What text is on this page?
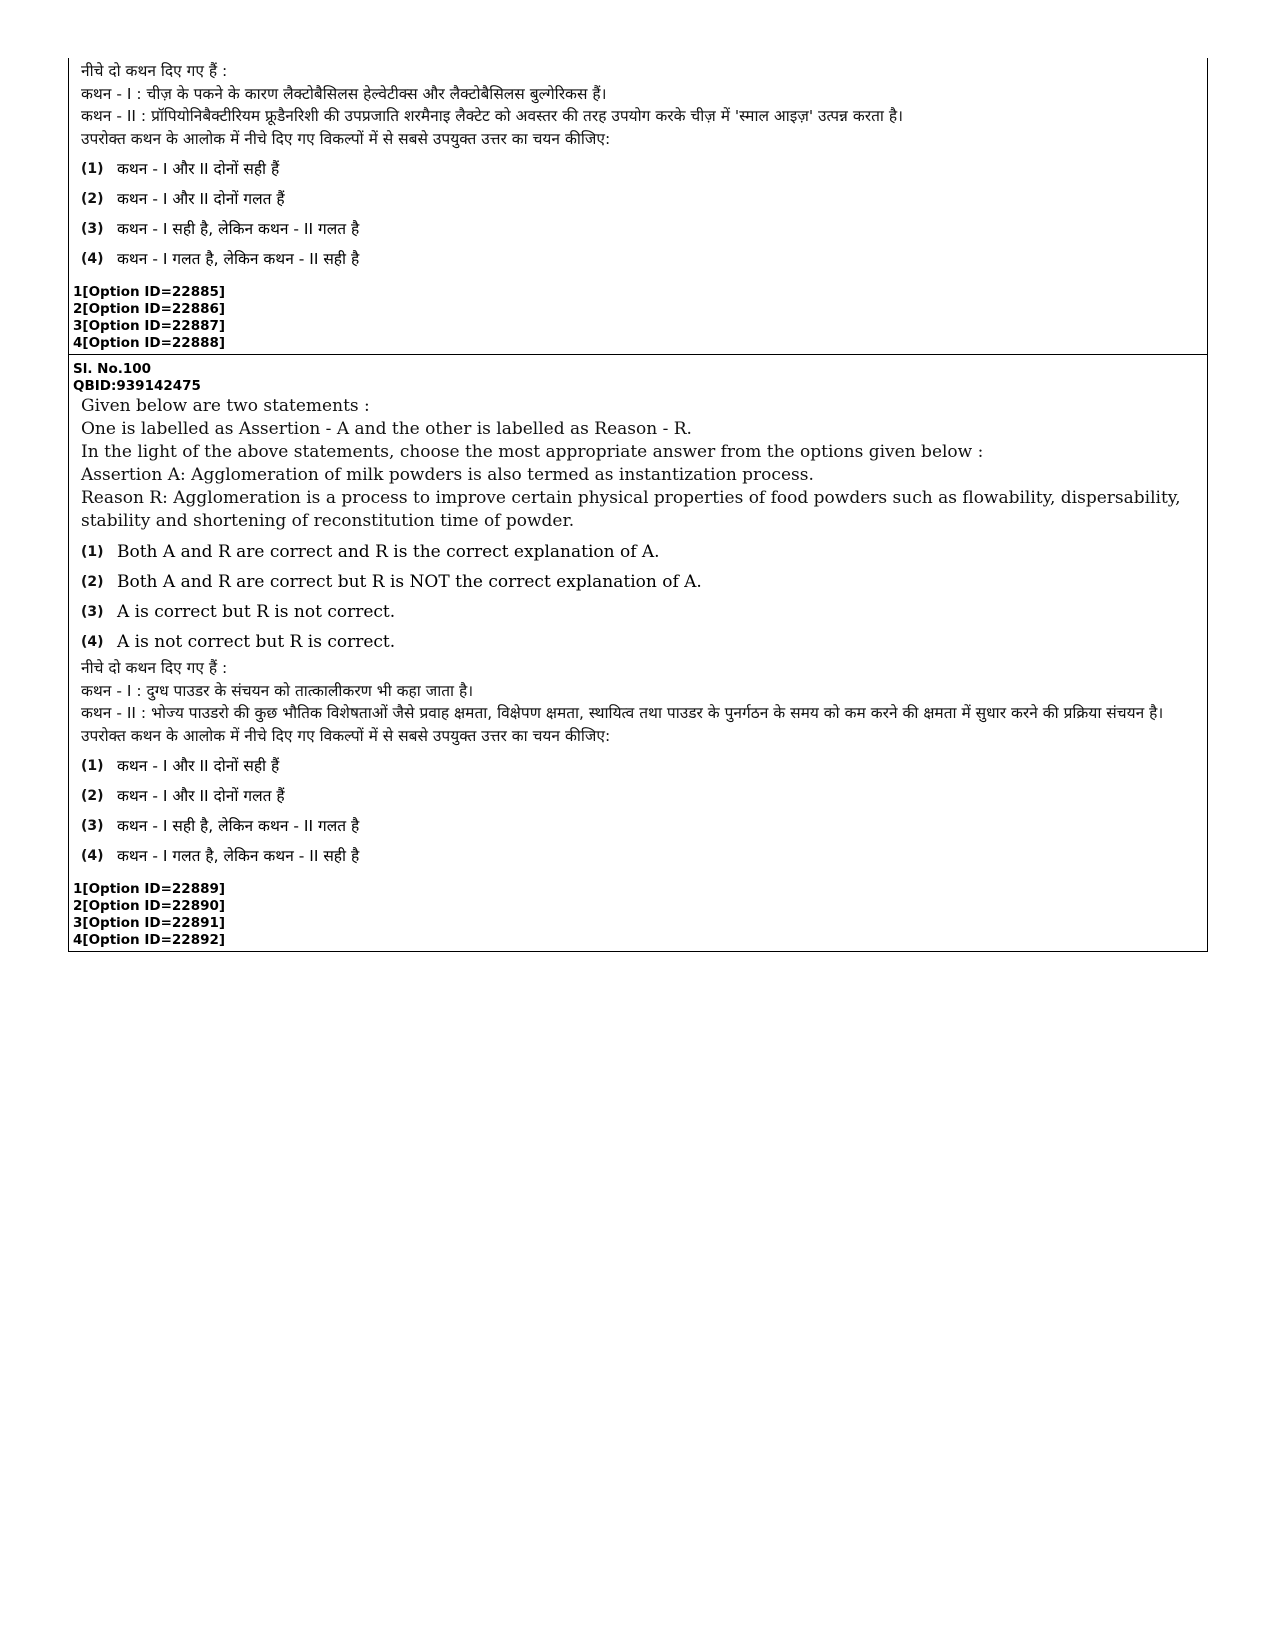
नीचे दो कथन दिए गए हैं :
कथन - I : चीज़ के पकने के कारण लैक्टोबैसिलस हेल्वेटीक्स और लैक्टोबैसिलस बुल्गेरिकस हैं।
कथन - II : प्रॉपियोनिबैक्टीरियम फ्रूडैनरिशी की उपप्रजाति शरमैनाइ लैक्टेट को अवस्तर की तरह उपयोग करके चीज़ में 'स्माल आइज़' उत्पन्न करता है।
उपरोक्त कथन के आलोक में नीचे दिए गए विकल्पों में से सबसे उपयुक्त उत्तर का चयन कीजिए:
(1) कथन - I और II दोनों सही हैं
(2) कथन - I और II दोनों गलत हैं
(3) कथन - I सही है, लेकिन कथन - II गलत है
(4) कथन - I गलत है, लेकिन कथन - II सही है
1[Option ID=22885]
2[Option ID=22886]
3[Option ID=22887]
4[Option ID=22888]
Sl. No.100
QBID:939142475
Given below are two statements :
One is labelled as Assertion - A and the other is labelled as Reason - R.
In the light of the above statements, choose the most appropriate answer from the options given below :
Assertion A: Agglomeration of milk powders is also termed as instantization process.
Reason R: Agglomeration is a process to improve certain physical properties of food powders such as flowability, dispersability, stability and shortening of reconstitution time of powder.
(1) Both A and R are correct and R is the correct explanation of A.
(2) Both A and R are correct but R is NOT the correct explanation of A.
(3) A is correct but R is not correct.
(4) A is not correct but R is correct.
नीचे दो कथन दिए गए हैं :
कथन - I : दुग्ध पाउडर के संचयन को तात्कालीकरण भी कहा जाता है।
कथन - II : भोज्य पाउडरो की कुछ भौतिक विशेषताओं जैसे प्रवाह क्षमता, विक्षेपण क्षमता, स्थायित्व तथा पाउडर के पुनर्गठन के समय को कम करने की क्षमता में सुधार करने की प्रक्रिया संचयन है।
उपरोक्त कथन के आलोक में नीचे दिए गए विकल्पों में से सबसे उपयुक्त उत्तर का चयन कीजिए:
(1) कथन - I और II दोनों सही हैं
(2) कथन - I और II दोनों गलत हैं
(3) कथन - I सही है, लेकिन कथन - II गलत है
(4) कथन - I गलत है, लेकिन कथन - II सही है
1[Option ID=22889]
2[Option ID=22890]
3[Option ID=22891]
4[Option ID=22892]
